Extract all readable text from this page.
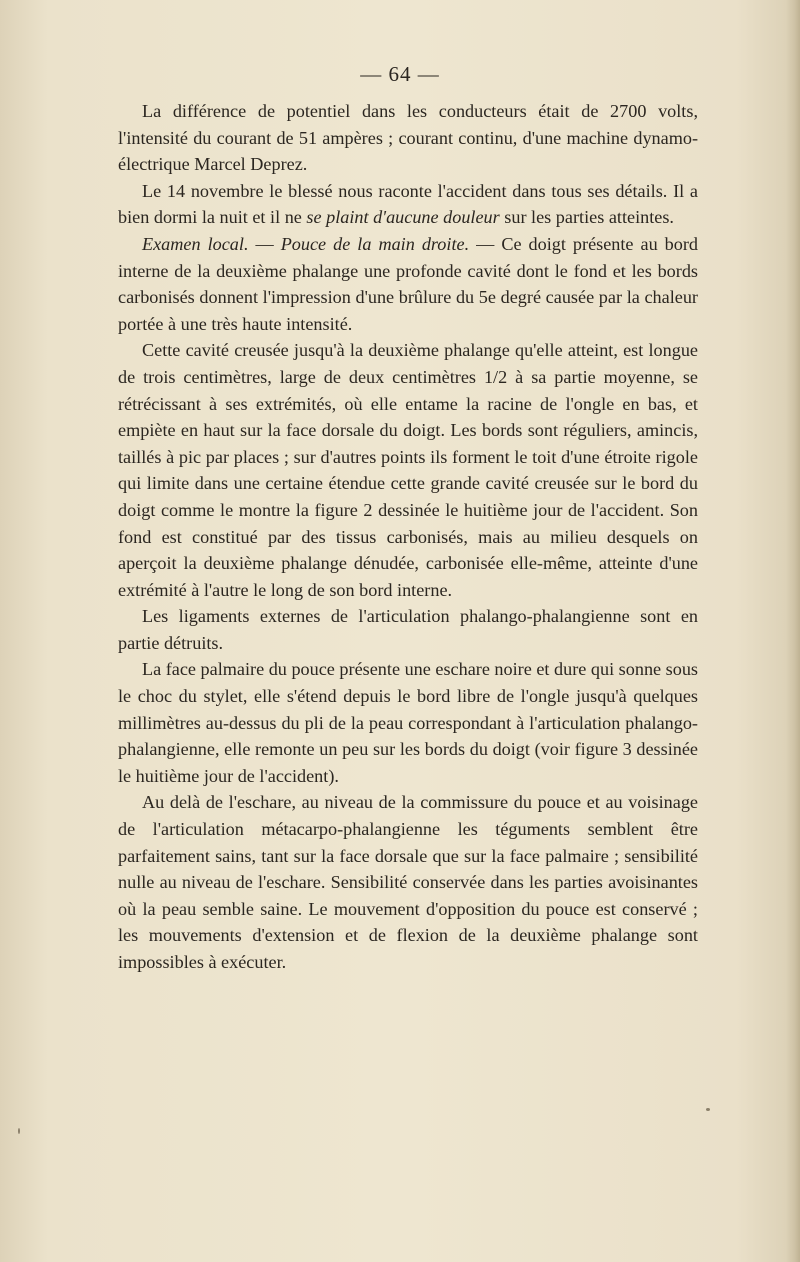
— 64 —

La différence de potentiel dans les conducteurs était de 2700 volts, l'intensité du courant de 51 ampères ; courant continu, d'une machine dynamo-électrique Marcel Deprez.

Le 14 novembre le blessé nous raconte l'accident dans tous ses détails. Il a bien dormi la nuit et il ne se plaint d'aucune douleur sur les parties atteintes.

Examen local. — Pouce de la main droite. — Ce doigt présente au bord interne de la deuxième phalange une profonde cavité dont le fond et les bords carbonisés donnent l'impression d'une brûlure du 5e degré causée par la chaleur portée à une très haute intensité.

Cette cavité creusée jusqu'à la deuxième phalange qu'elle atteint, est longue de trois centimètres, large de deux centimètres 1/2 à sa partie moyenne, se rétrécissant à ses extrémités, où elle entame la racine de l'ongle en bas, et empiète en haut sur la face dorsale du doigt. Les bords sont réguliers, amincis, taillés à pic par places ; sur d'autres points ils forment le toit d'une étroite rigole qui limite dans une certaine étendue cette grande cavité creusée sur le bord du doigt comme le montre la figure 2 dessinée le huitième jour de l'accident. Son fond est constitué par des tissus carbonisés, mais au milieu desquels on aperçoit la deuxième phalange dénudée, carbonisée elle-même, atteinte d'une extrémité à l'autre le long de son bord interne.

Les ligaments externes de l'articulation phalango-phalangienne sont en partie détruits.

La face palmaire du pouce présente une eschare noire et dure qui sonne sous le choc du stylet, elle s'étend depuis le bord libre de l'ongle jusqu'à quelques millimètres au-dessus du pli de la peau correspondant à l'articulation phalango-phalangienne, elle remonte un peu sur les bords du doigt (voir figure 3 dessinée le huitième jour de l'accident).

Au delà de l'eschare, au niveau de la commissure du pouce et au voisinage de l'articulation métacarpo-phalangienne les téguments semblent être parfaitement sains, tant sur la face dorsale que sur la face palmaire ; sensibilité nulle au niveau de l'eschare. Sensibilité conservée dans les parties avoisinantes où la peau semble saine. Le mouvement d'opposition du pouce est conservé ; les mouvements d'extension et de flexion de la deuxième phalange sont impossibles à exécuter.
